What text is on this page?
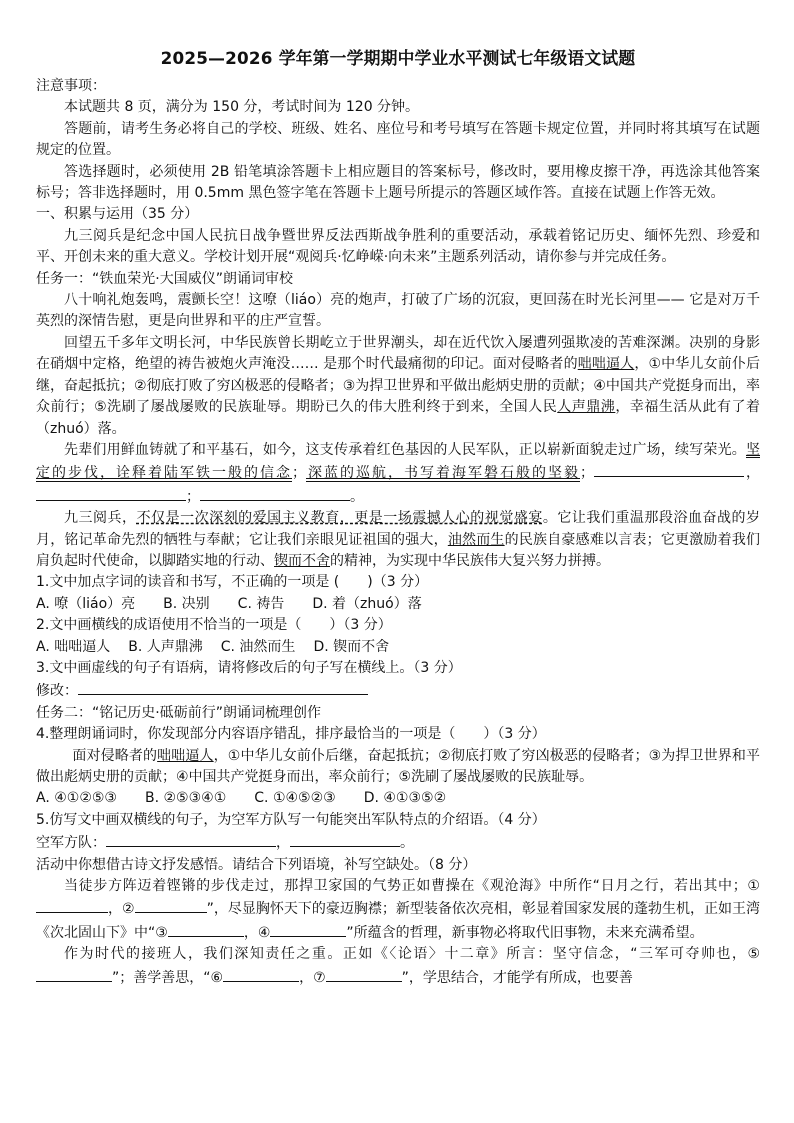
2025—2026 学年第一学期期中学业水平测试七年级语文试题

注意事项：

本试题共 8 页，满分为 150 分，考试时间为 120 分钟。

答题前，请考生务必将自己的学校、班级、姓名、座位号和考号填写在答题卡规定位置，并同时将其填写在试题规定的位置。

答选择题时，必须使用 2B 铅笔填涂答题卡上相应题目的答案标号，修改时，要用橡皮擦干净，再选涂其他答案标号；答非选择题时，用 0.5mm 黑色签字笔在答题卡上题号所提示的答题区域作答。直接在试题上作答无效。

一、积累与运用（35 分）

九三阅兵是纪念中国人民抗日战争暨世界反法西斯战争胜利的重要活动，承载着铭记历史、缅怀先烈、珍爱和平、开创未来的重大意义。学校计划开展“观阅兵·忆峥嵘·向未来”主题系列活动，请你参与并完成任务。

任务一：“铁血荣光·大国威仪”朗诵词审校

八十响礼炮轰鸣，震颤长空！这嘹（liáo）亮的炮声，打破了广场的沉寂，更回荡在时光长河里—— 它是对万千英烈的深情告慰，更是向世界和平的庄严宣誓。

回望五千多年文明长河，中华民族曾长期屹立于世界潮头，却在近代饮入屡遭列强欺凌的苦难深渊。决别的身影在硝烟中定格，绝望的祷告被炮火声淹没…… 是那个时代最痛彻的印记。面对侵略者的咄咄逼人，①中华儿女前仆后继，奋起抵抗；②彻底打败了穷凶极恶的侵略者；③为捍卫世界和平做出彪炳史册的贡献；④中国共产党挺身而出，率众前行；⑤洗刷了屡战屡败的民族耻辱。期盼已久的伟大胜利终于到来，全国人民人声鼎沸，幸福生活从此有了着（zhuó）落。

先辈们用鲜血铸就了和平基石，如今，这支传承着红色基因的人民军队，正以崭新面貌走过广场，续写荣光。坚定的步伐，诠释着陆军铁一般的信念；深蓝的巡航，书写着海军磐石般的坚毅；	，；	。

九三阅兵，不仅是一次深刻的爱国主义教育，更是一场震撼人心的视觉盛宴。它让我们重温那段浴血奋战的岁月，铭记革命先烈的牺牲与奉献；它让我们亲眼见证祖国的强大，油然而生的民族自豪感难以言表；它更激励着我们肩负起时代使命，以脚踏实地的行动、锲而不舍的精神，为实现中华民族伟大复兴努力拼搏。

1.文中加点字词的读音和书写，不正确的一项是 (　　)（3 分）

A. 嘹（liáo）亮 B. 决别 C. 祷告 D. 着（zhuó）落

2.文中画横线的成语使用不恰当的一项是（　　）（3 分）

A. 咄咄逼人 B. 人声鼎沸 C. 油然而生 D. 锲而不舍

3.文中画虚线的句子有语病，请将修改后的句子写在横线上。（3 分）

修改：

任务二：“铭记历史·砥砺前行”朗诵词梳理创作

4.整理朗诵词时，你发现部分内容语序错乱，排序最恰当的一项是（　　）（3 分）

面对侵略者的咄咄逼人，①中华儿女前仆后继，奋起抵抗；②彻底打败了穷凶极恶的侵略者；③为捍卫世界和平做出彪炳史册的贡献；④中国共产党挺身而出，率众前行；⑤洗刷了屡战屡败的民族耻辱。

A. ④①②⑤③ B. ②⑤③④① C. ①④⑤②③ D. ④①③⑤②

5.仿写文中画双横线的句子，为空军方队写一句能突出军队特点的介绍语。（4 分）

空军方队：	，	。

活动中你想借古诗文抒发感悟。请结合下列语境，补写空缺处。（8 分）

当徒步方阵迈着铿锵的步伐走过，那捍卫家国的气势正如曹操在《观沧海》中所作“日月之行，若出其中；①，②	”，尽显胸怀天下的豪迈胸襟；新型装备依次亮相，彰显着国家发展的蓬勃生机，正如王湾《次北固山下》中“③	，④	”所蕴含的哲理，新事物必将取代旧事物，未来充满希望。

作为时代的接班人，我们深知责任之重。正如《〈论语〉十二章》所言：坚守信念，“三军可夺帅也，⑤”；善学善思，“⑥	，⑦	”，学思结合，才能学有所成，也要善
